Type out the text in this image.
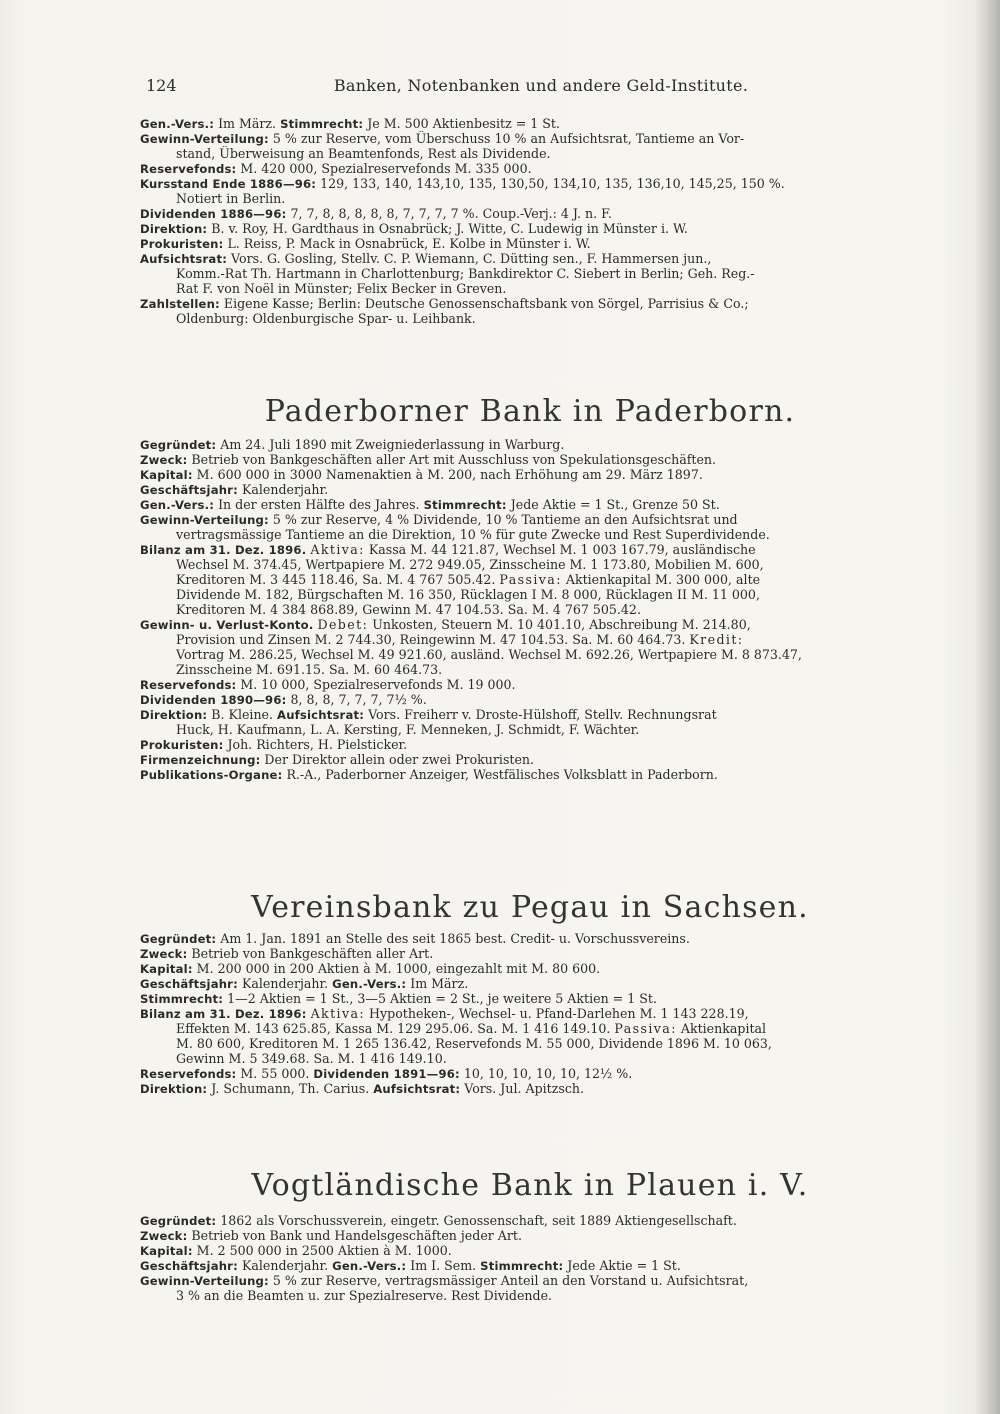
124	Banken, Notenbanken und andere Geld-Institute.
Gen.-Vers.: Im März. Stimmrecht: Je M. 500 Aktienbesitz = 1 St.
Gewinn-Verteilung: 5 % zur Reserve, vom Überschuss 10 % an Aufsichtsrat, Tantieme an Vor-
stand, Überweisung an Beamtenfonds, Rest als Dividende.
Reservefonds: M. 420 000, Spezialreservefonds M. 335 000.
Kursstand Ende 1886—96: 129, 133, 140, 143,10, 135, 130,50, 134,10, 135, 136,10, 145,25, 150 %.
Notiert in Berlin.
Dividenden 1886—96: 7, 7, 8, 8, 8, 8, 8, 7, 7, 7, 7 %. Coup.-Verj.: 4 J. n. F.
Direktion: B. v. Roy, H. Gardthaus in Osnabrück; J. Witte, C. Ludewig in Münster i. W.
Prokuristen: L. Reiss, P. Mack in Osnabrück, E. Kolbe in Münster i. W.
Aufsichtsrat: Vors. G. Gosling, Stellv. C. P. Wiemann, C. Dütting sen., F. Hammersen jun.,
Komm.-Rat Th. Hartmann in Charlottenburg; Bankdirektor C. Siebert in Berlin; Geh. Reg.-
Rat F. von Noël in Münster; Felix Becker in Greven.
Zahlstellen: Eigene Kasse; Berlin: Deutsche Genossenschaftsbank von Sörgel, Parrisius & Co.;
Oldenburg: Oldenburgische Spar- u. Leihbank.
Paderborner Bank in Paderborn.
Gegründet: Am 24. Juli 1890 mit Zweigniederlassung in Warburg.
Zweck: Betrieb von Bankgeschäften aller Art mit Ausschluss von Spekulationsgeschäften.
Kapital: M. 600 000 in 3000 Namenaktien à M. 200, nach Erhöhung am 29. März 1897.
Geschäftsjahr: Kalenderjahr.
Gen.-Vers.: In der ersten Hälfte des Jahres. Stimmrecht: Jede Aktie = 1 St., Grenze 50 St.
Gewinn-Verteilung: 5 % zur Reserve, 4 % Dividende, 10 % Tantieme an den Aufsichtsrat und
vertragsmässige Tantieme an die Direktion, 10 % für gute Zwecke und Rest Superdividende.
Bilanz am 31. Dez. 1896. Aktiva: Kassa M. 44 121.87, Wechsel M. 1 003 167.79, ausländische
Wechsel M. 374.45, Wertpapiere M. 272 949.05, Zinsscheine M. 1 173.80, Mobilien M. 600,
Kreditoren M. 3 445 118.46, Sa. M. 4 767 505.42. Passiva: Aktienkapital M. 300 000, alte
Dividende M. 182, Bürgschaften M. 16 350, Rücklagen I M. 8 000, Rücklagen II M. 11 000,
Kreditoren M. 4 384 868.89, Gewinn M. 47 104.53. Sa. M. 4 767 505.42.
Gewinn- u. Verlust-Konto. Debet: Unkosten, Steuern M. 10 401.10, Abschreibung M. 214.80,
Provision und Zinsen M. 2 744.30, Reingewinn M. 47 104.53. Sa. M. 60 464.73. Kredit:
Vortrag M. 286.25, Wechsel M. 49 921.60, ausländ. Wechsel M. 692.26, Wertpapiere M. 8 873.47,
Zinsscheine M. 691.15. Sa. M. 60 464.73.
Reservefonds: M. 10 000, Spezialreservefonds M. 19 000.
Dividenden 1890—96: 8, 8, 8, 7, 7, 7, 7½ %.
Direktion: B. Kleine. Aufsichtsrat: Vors. Freiherr v. Droste-Hülshoff, Stellv. Rechnungsrat
Huck, H. Kaufmann, L. A. Kersting, F. Menneken, J. Schmidt, F. Wächter.
Prokuristen: Joh. Richters, H. Pielsticker.
Firmenzeichnung: Der Direktor allein oder zwei Prokuristen.
Publikations-Organe: R.-A., Paderborner Anzeiger, Westfälisches Volksblatt in Paderborn.
Vereinsbank zu Pegau in Sachsen.
Gegründet: Am 1. Jan. 1891 an Stelle des seit 1865 best. Credit- u. Vorschussvereins.
Zweck: Betrieb von Bankgeschäften aller Art.
Kapital: M. 200 000 in 200 Aktien à M. 1000, eingezahlt mit M. 80 600.
Geschäftsjahr: Kalenderjahr. Gen.-Vers.: Im März.
Stimmrecht: 1—2 Aktien = 1 St., 3—5 Aktien = 2 St., je weitere 5 Aktien = 1 St.
Bilanz am 31. Dez. 1896: Aktiva: Hypotheken-, Wechsel- u. Pfand-Darlehen M. 1 143 228.19,
Effekten M. 143 625.85, Kassa M. 129 295.06. Sa. M. 1 416 149.10. Passiva: Aktienkapital
M. 80 600, Kreditoren M. 1 265 136.42, Reservefonds M. 55 000, Dividende 1896 M. 10 063,
Gewinn M. 5 349.68. Sa. M. 1 416 149.10.
Reservefonds: M. 55 000. Dividenden 1891—96: 10, 10, 10, 10, 10, 12½ %.
Direktion: J. Schumann, Th. Carius. Aufsichtsrat: Vors. Jul. Apitzsch.
Vogtländische Bank in Plauen i. V.
Gegründet: 1862 als Vorschussverein, eingetr. Genossenschaft, seit 1889 Aktiengesellschaft.
Zweck: Betrieb von Bank und Handelsgeschäften jeder Art.
Kapital: M. 2 500 000 in 2500 Aktien à M. 1000.
Geschäftsjahr: Kalenderjahr. Gen.-Vers.: Im I. Sem. Stimmrecht: Jede Aktie = 1 St.
Gewinn-Verteilung: 5 % zur Reserve, vertragsmässiger Anteil an den Vorstand u. Aufsichtsrat,
3 % an die Beamten u. zur Spezialreserve. Rest Dividende.
